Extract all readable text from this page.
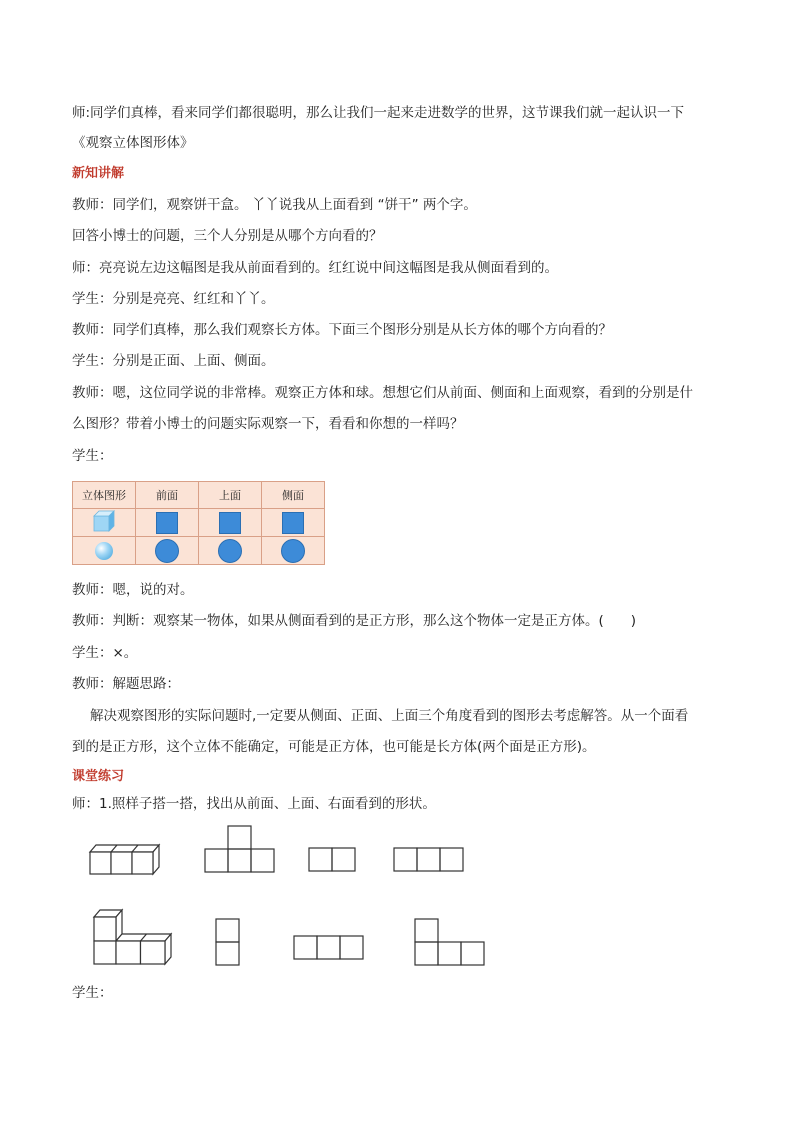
师:同学们真棒，看来同学们都很聪明，那么让我们一起来走进数学的世界，这节课我们就一起认识一下
《观察立体图形体》
新知讲解
教师：同学们，观察饼干盒。 丫丫说我从上面看到 “饼干” 两个字。
回答小博士的问题，三个人分别是从哪个方向看的？
师：亮亮说左边这幅图是我从前面看到的。红红说中间这幅图是我从侧面看到的。
学生：分别是亮亮、红红和丫丫。
教师：同学们真棒，那么我们观察长方体。下面三个图形分别是从长方体的哪个方向看的？
学生：分别是正面、上面、侧面。
教师：嗯，这位同学说的非常棒。观察正方体和球。想想它们从前面、侧面和上面观察，看到的分别是什
么图形？带着小博士的问题实际观察一下，看看和你想的一样吗？
学生：
立体图形	前面	上面	侧面

教师：嗯，说的对。
教师：判断：观察某一物体，如果从侧面看到的是正方形，那么这个物体一定是正方体。(　　)
学生：×。
教师：解题思路：
解决观察图形的实际问题时,一定要从侧面、正面、上面三个角度看到的图形去考虑解答。从一个面看
到的是正方形，这个立体不能确定，可能是正方体，也可能是长方体(两个面是正方形)。
课堂练习
师：1.照样子搭一搭，找出从前面、上面、右面看到的形状。
学生：
